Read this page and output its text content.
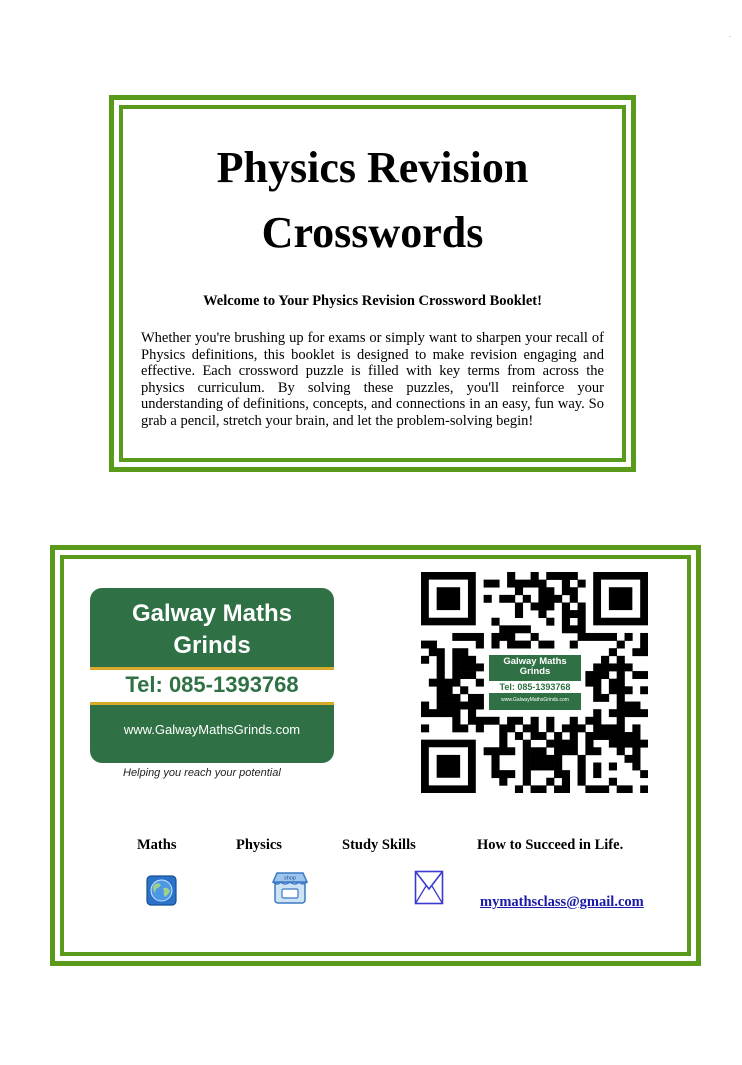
.
Physics Revision
Crosswords
Welcome to Your Physics Revision Crossword Booklet!
Whether you're brushing up for exams or simply want to sharpen your recall of Physics definitions, this booklet is designed to make revision engaging and effective. Each crossword puzzle is filled with key terms from across the physics curriculum. By solving these puzzles, you'll reinforce your understanding of definitions, concepts, and connections in an easy, fun way. So grab a pencil, stretch your brain, and let the problem-solving begin!
Galway Maths
Grinds
Tel: 085-1393768
www.GalwayMathsGrinds.com
Helping you reach your potential
Galway Maths
Grinds
Tel: 085-1393768
www.GalwayMathsGrinds.com
Maths	Physics	Study Skills	How to Succeed in Life.
shop
mymathsclass@gmail.com
